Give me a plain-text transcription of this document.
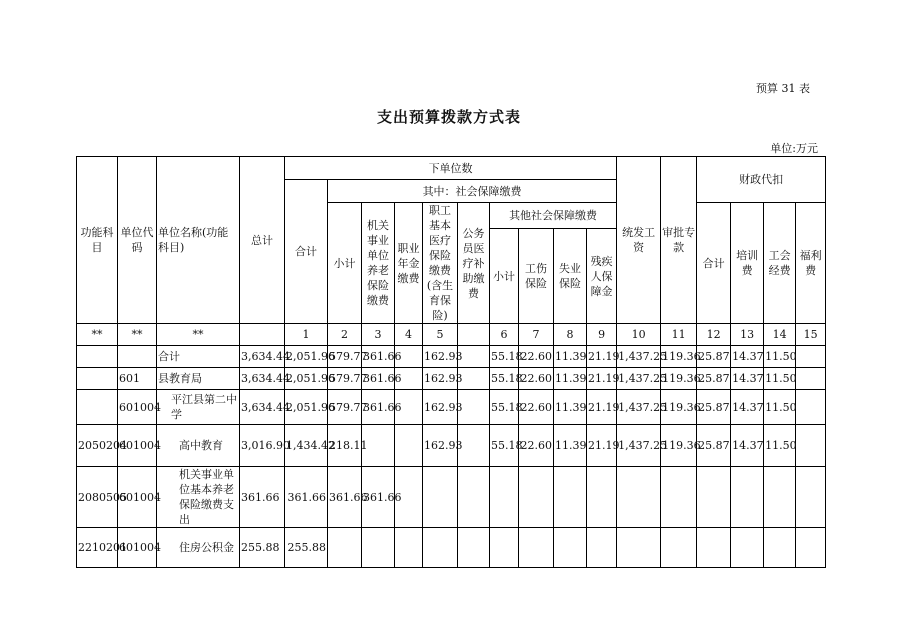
预算 31 表
支出预算拨款方式表
单位:万元
功能科目	单位代码	单位名称(功能科目)	总计	下单位数										统发工资	审批专款	财政代扣			
				合计	其中：社会保障缴费														
					小计	机关事业单位养老保险缴费	职业年金缴费	职工基本医疗保险缴费(含生育保险)	公务员医疗补助缴费	其他社会保障缴费						合计	培训费	工会经费	福利费
										小计	工伤保险	失业保险	残疾人保障金						
**	**	**		1	2	3	4	5		6	7	8	9	10	11	12	13	14	15
		合计	3,634.44	2,051.96	579.77	361.66		162.93		55.18	22.60	11.39	21.19	1,437.25	119.36	25.87	14.37	11.50	
	601	县教育局	3,634.44	2,051.96	579.77	361.66		162.93		55.18	22.60	11.39	21.19	1,437.25	119.36	25.87	14.37	11.50	
	601004	平江县第二中学	3,634.44	2,051.96	579.77	361.66		162.93		55.18	22.60	11.39	21.19	1,437.25	119.36	25.87	14.37	11.50	
2050204	601004	高中教育	3,016.90	1,434.42	218.11			162.93		55.18	22.60	11.39	21.19	1,437.25	119.36	25.87	14.37	11.50	
2080505	601004	机关事业单位基本养老保险缴费支出	361.66	361.66	361.66	361.66													
2210201	601004	住房公积金	255.88	255.88															
